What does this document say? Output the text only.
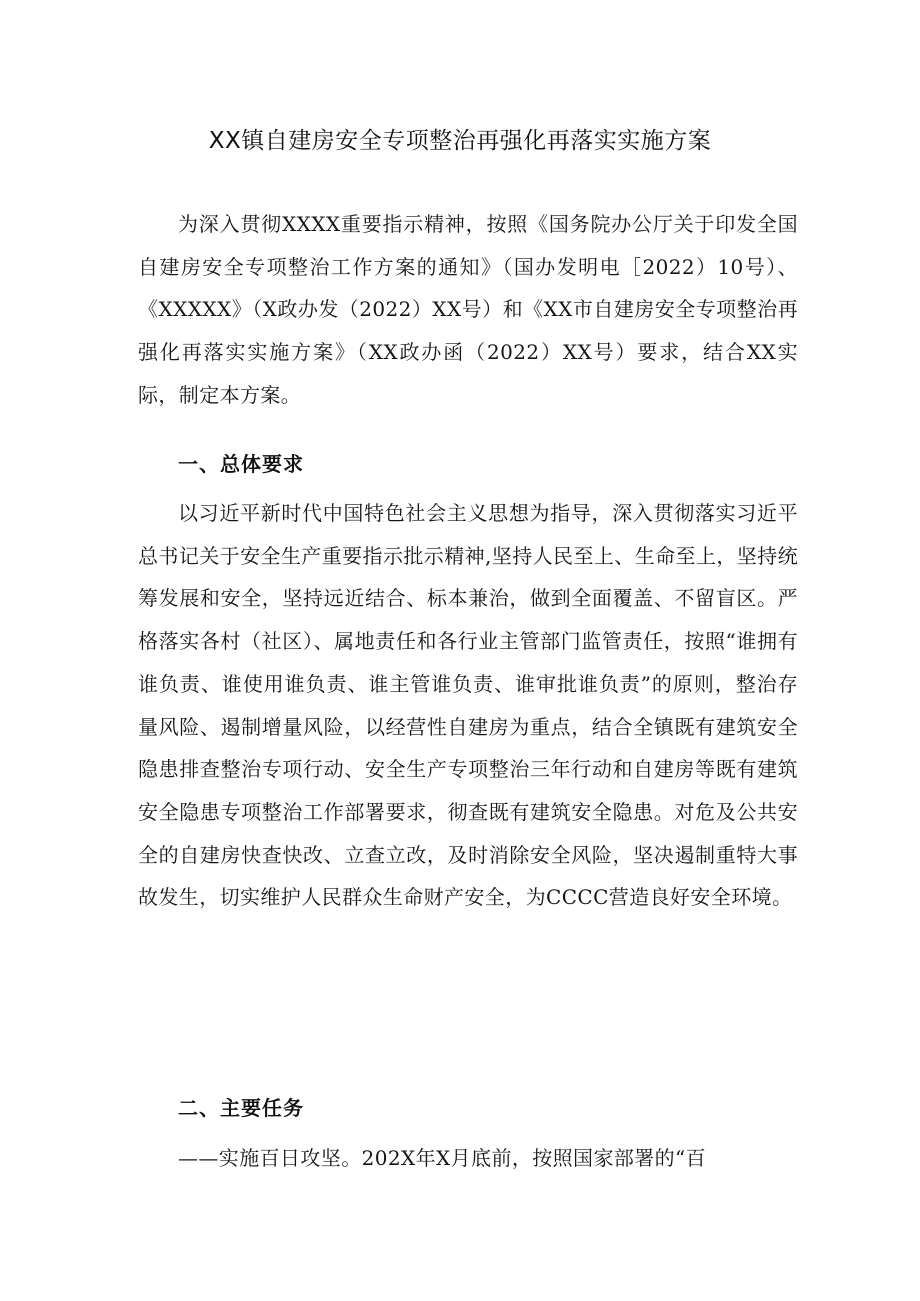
XX镇自建房安全专项整治再强化再落实实施方案

为深入贯彻XXXX重要指示精神，按照《国务院办公厅关于印发全国自建房安全专项整治工作方案的通知》（国办发明电［2022）10号）、《XXXXX》（X政办发（2022）XX号）和《XX市自建房安全专项整治再强化再落实实施方案》（XX政办函（2022）XX号）要求，结合XX实际，制定本方案。

一、总体要求

以习近平新时代中国特色社会主义思想为指导，深入贯彻落实习近平总书记关于安全生产重要指示批示精神,坚持人民至上、生命至上，坚持统筹发展和安全，坚持远近结合、标本兼治，做到全面覆盖、不留盲区。严格落实各村（社区）、属地责任和各行业主管部门监管责任，按照“谁拥有谁负责、谁使用谁负责、谁主管谁负责、谁审批谁负责”的原则，整治存量风险、遏制增量风险，以经营性自建房为重点，结合全镇既有建筑安全隐患排查整治专项行动、安全生产专项整治三年行动和自建房等既有建筑安全隐患专项整治工作部署要求，彻查既有建筑安全隐患。对危及公共安全的自建房快查快改、立查立改，及时消除安全风险，坚决遏制重特大事故发生，切实维护人民群众生命财产安全，为CCCC营造良好安全环境。

二、主要任务

——实施百日攻坚。202X年X月底前，按照国家部署的“百
